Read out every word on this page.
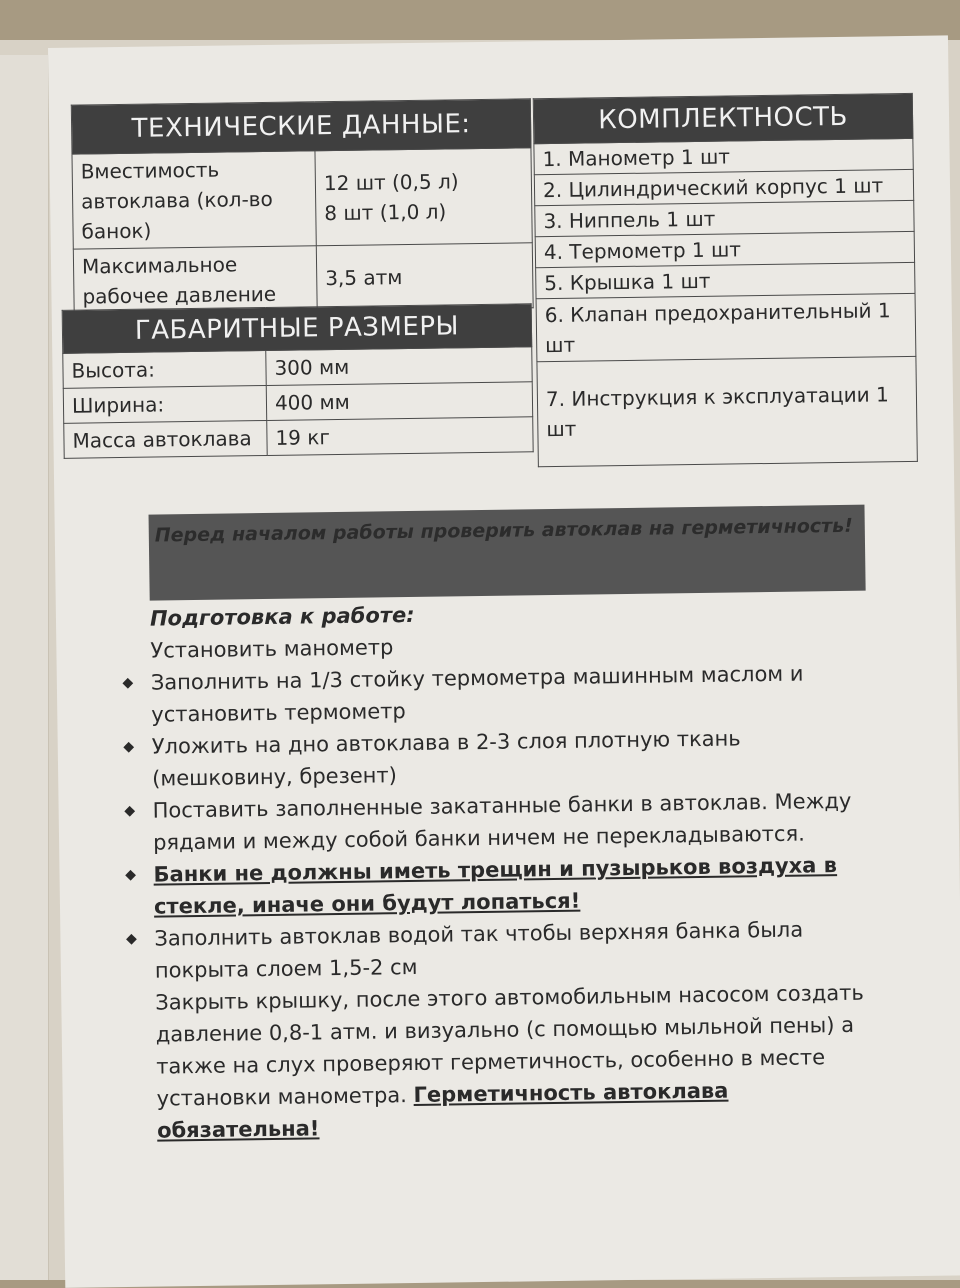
ТЕХНИЧЕСКИЕ ДАННЫЕ:	
Вместимость автоклава (кол-во банок)	12 шт (0,5 л)
8 шт (1,0 л)

Максимальное рабочее давление	3,5 атм
ГАБАРИТНЫЕ РАЗМЕРЫ	
Высота:	300 мм
Ширина:	400 мм
Масса автоклава	19 кг
КОМПЛЕКТНОСТЬ
1. Манометр 1 шт
2. Цилиндрический корпус 1 шт
3. Ниппель 1 шт
4. Термометр 1 шт
5. Крышка 1 шт
6. Клапан предохранительный 1 шт
7. Инструкция к эксплуатации 1 шт
Перед началом работы проверить автоклав на герметичность!
Подготовка к работе:
Установить манометр
◆ Заполнить на 1/3 стойку термометра машинным маслом и установить термометр
◆ Уложить на дно автоклава в 2-3 слоя плотную ткань (мешковину, брезент)
◆ Поставить заполненные закатанные банки в автоклав. Между рядами и между собой банки ничем не перекладываются.
◆ Банки не должны иметь трещин и пузырьков воздуха в стекле, иначе они будут лопаться!
◆ Заполнить автоклав водой так чтобы верхняя банка была покрыта слоем 1,5-2 см
Закрыть крышку, после этого автомобильным насосом создать давление 0,8-1 атм. и визуально (с помощью мыльной пены) а также на слух проверяют герметичность, особенно в месте установки манометра. Герметичность автоклава обязательна!
